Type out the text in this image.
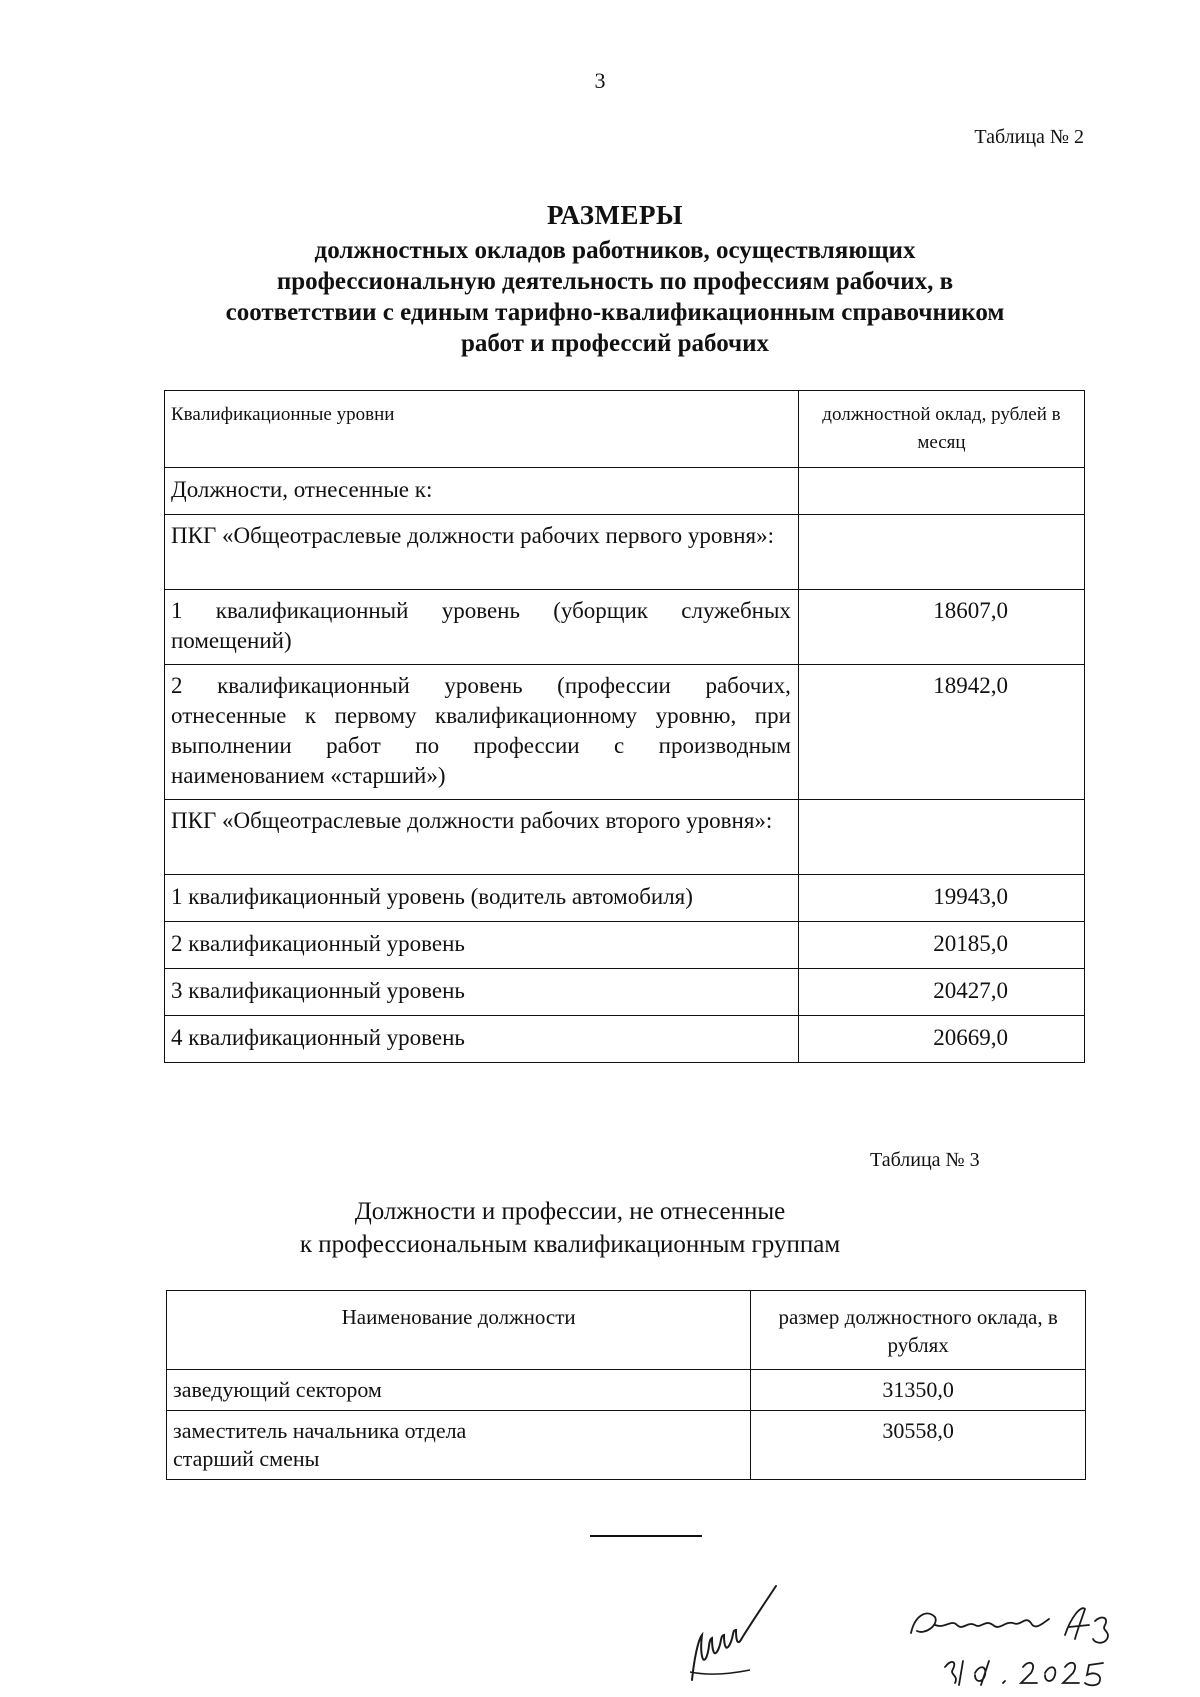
3
Таблица № 2
РАЗМЕРЫ
должностных окладов работников, осуществляющих
профессиональную деятельность по профессиям рабочих, в
соответствии с единым тарифно-квалификационным справочником
работ и профессий рабочих
Квалификационные уровни	должностной оклад, рублей в месяц
Должности, отнесенные к:	
ПКГ «Общеотраслевые должности рабочих первого уровня»:	
1 квалификационный уровень (уборщик служебных помещений)	18607,0
2 квалификационный уровень (профессии рабочих, отнесенные к первому квалификационному уровню, при выполнении работ по профессии с производным наименованием «старший»)	18942,0
ПКГ «Общеотраслевые должности рабочих второго уровня»:	
1 квалификационный уровень (водитель автомобиля)	19943,0
2 квалификационный уровень	20185,0
3 квалификационный уровень	20427,0
4 квалификационный уровень	20669,0
Таблица № 3
Должности и профессии, не отнесенные
к профессиональным квалификационным группам
Наименование должности	размер должностного оклада, в рублях

заведующий сектором	31350,0

заместитель начальника отдела
старший смены	30558,0
